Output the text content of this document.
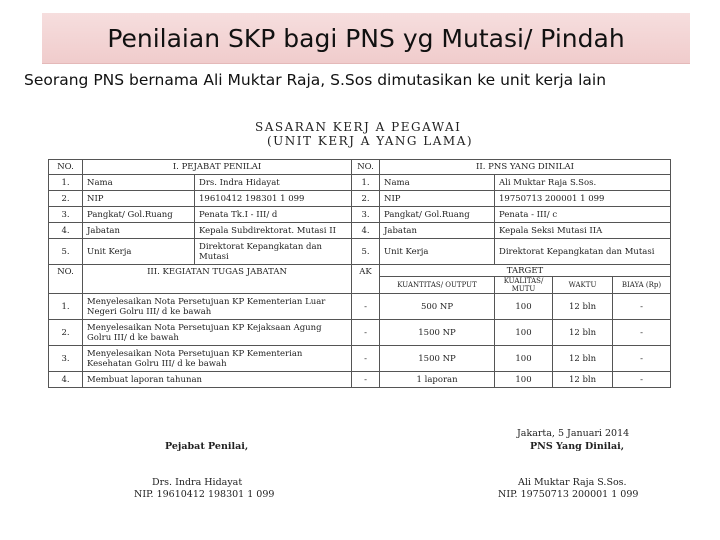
Penilaian SKP bagi PNS yg Mutasi/ Pindah
Seorang PNS bernama Ali Muktar Raja, S.Sos dimutasikan ke unit kerja lain
SASARAN KERJ A PEGAWAI
(UNIT KERJ A YANG LAMA)
NO.	I. PEJABAT PENILAI		NO.	II. PNS YANG DINILAI			
1.	Nama	Drs. Indra Hidayat	1.	Nama	Ali Muktar Raja S.Sos.		
2.	NIP	19610412 198301 1 099	2.	NIP	19750713 200001 1 099		
3.	Pangkat/ Gol.Ruang	Penata Tk.I - III/ d	3.	Pangkat/ Gol.Ruang	Penata - III/ c		
4.	Jabatan	Kepala Subdirektorat. Mutasi II	4.	Jabatan	Kepala Seksi Mutasi IIA		
5.	Unit Kerja	Direktorat Kepangkatan dan Mutasi	5.	Unit Kerja	Direktorat Kepangkatan dan Mutasi		
NO.	III. KEGIATAN TUGAS JABATAN		AK	TARGET			
				KUANTITAS/ OUTPUT	KUALITAS/ MUTU	WAKTU	BIAYA (Rp)
1.	Menyelesaikan Nota Persetujuan KP Kementerian Luar Negeri Golru III/ d ke bawah		-	500 NP	100	12 bln	-
2.	Menyelesaikan Nota Persetujuan KP Kejaksaan Agung Golru III/ d ke bawah		-	1500 NP	100	12 bln	-
3.	Menyelesaikan Nota Persetujuan KP Kementerian Kesehatan Golru III/ d ke bawah		-	1500 NP	100	12 bln	-
4.	Membuat laporan tahunan		-	1 laporan	100	12 bln	-
Jakarta, 5 Januari 2014
Pejabat Penilai,	PNS Yang Dinilai,
Drs. Indra Hidayat
NIP. 19610412 198301 1 099
Ali Muktar Raja S.Sos.
NIP. 19750713 200001 1 099
